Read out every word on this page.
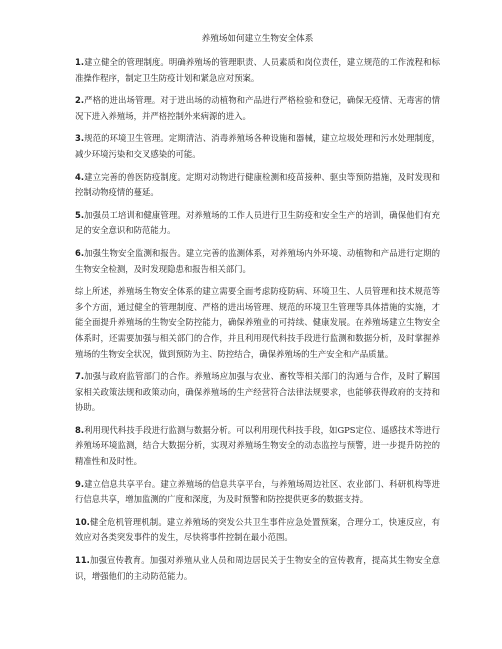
养殖场如何建立生物安全体系

1.建立健全的管理制度。明确养殖场的管理职责、人员素质和岗位责任，建立规范的工作流程和标准操作程序，制定卫生防疫计划和紧急应对预案。

2.严格的进出场管理。对于进出场的动植物和产品进行严格检验和登记，确保无疫情、无毒害的情况下进入养殖场，并严格控制外来病源的进入。

3.规范的环境卫生管理。定期清洁、消毒养殖场各种设施和器械，建立垃圾处理和污水处理制度，减少环境污染和交叉感染的可能。

4.建立完善的兽医防疫制度。定期对动物进行健康检测和疫苗接种、驱虫等预防措施，及时发现和控制动物疫情的蔓延。

5.加强员工培训和健康管理。对养殖场的工作人员进行卫生防疫和安全生产的培训，确保他们有充足的安全意识和防范能力。

6.加强生物安全监测和报告。建立完善的监测体系，对养殖场内外环境、动植物和产品进行定期的生物安全检测，及时发现隐患和报告相关部门。

综上所述，养殖场生物安全体系的建立需要全面考虑防疫防病、环境卫生、人员管理和技术规范等多个方面，通过健全的管理制度、严格的进出场管理、规范的环境卫生管理等具体措施的实施，才能全面提升养殖场的生物安全防控能力，确保养殖业的可持续、健康发展。在养殖场建立生物安全体系时，还需要加强与相关部门的合作，并且利用现代科技手段进行监测和数据分析，及时掌握养殖场的生物安全状况，做到预防为主、防控结合，确保养殖场的生产安全和产品质量。

7.加强与政府监管部门的合作。养殖场应加强与农业、畜牧等相关部门的沟通与合作，及时了解国家相关政策法规和政策动向，确保养殖场的生产经营符合法律法规要求，也能够获得政府的支持和协助。

8.利用现代科技手段进行监测与数据分析。可以利用现代科技手段，如GPS定位、遥感技术等进行养殖场环境监测，结合大数据分析，实现对养殖场生物安全的动态监控与预警，进一步提升防控的精准性和及时性。

9.建立信息共享平台。建立养殖场的信息共享平台，与养殖场周边社区、农业部门、科研机构等进行信息共享，增加监测的广度和深度，为及时预警和防控提供更多的数据支持。

10.健全危机管理机制。建立养殖场的突发公共卫生事件应急处置预案，合理分工，快速反应，有效应对各类突发事件的发生，尽快将事件控制在最小范围。

11.加强宣传教育。加强对养殖从业人员和周边居民关于生物安全的宣传教育，提高其生物安全意识，增强他们的主动防范能力。
